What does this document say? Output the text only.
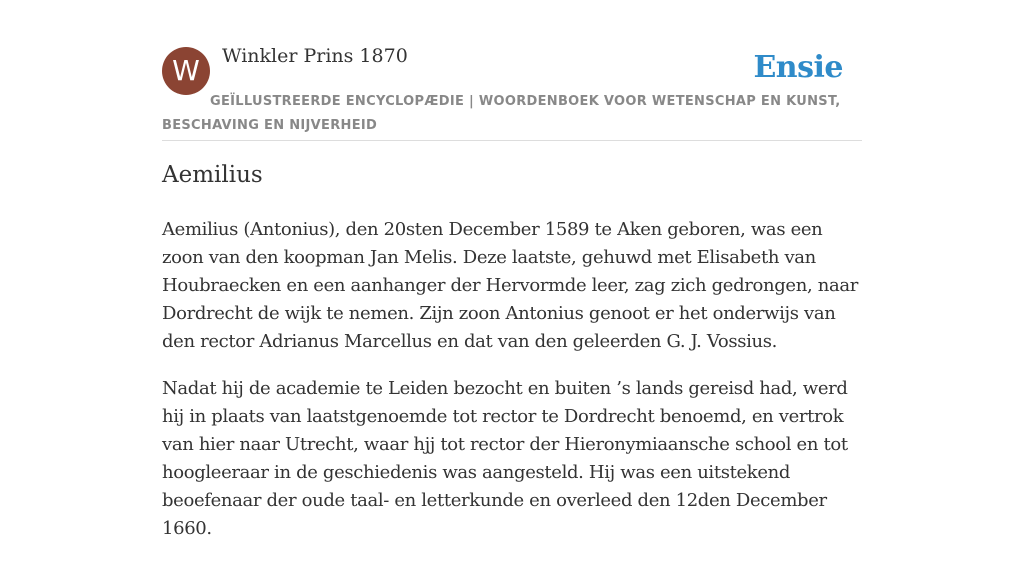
W	Winkler Prins 1870	Ensie
GEÏLLUSTREERDE ENCYCLOPÆDIE | WOORDENBOEK VOOR WETENSCHAP EN KUNST, BESCHAVING EN NIJVERHEID
Aemilius

Aemilius (Antonius), den 20sten December 1589 te Aken geboren, was een zoon van den koopman Jan Melis. Deze laatste, gehuwd met Elisabeth van Houbraecken en een aanhanger der Hervormde leer, zag zich gedrongen, naar Dordrecht de wijk te nemen. Zijn zoon Antonius genoot er het onderwijs van den rector Adrianus Marcellus en dat van den geleerden G. J. Vossius.

Nadat hij de academie te Leiden bezocht en buiten ’s lands gereisd had, werd hij in plaats van laatstgenoemde tot rector te Dordrecht benoemd, en vertrok van hier naar Utrecht, waar hjj tot rector der Hieronymiaansche school en tot hoogleeraar in de geschiedenis was aangesteld. Hij was een uitstekend beoefenaar der oude taal- en letterkunde en overleed den 12den December 1660.
